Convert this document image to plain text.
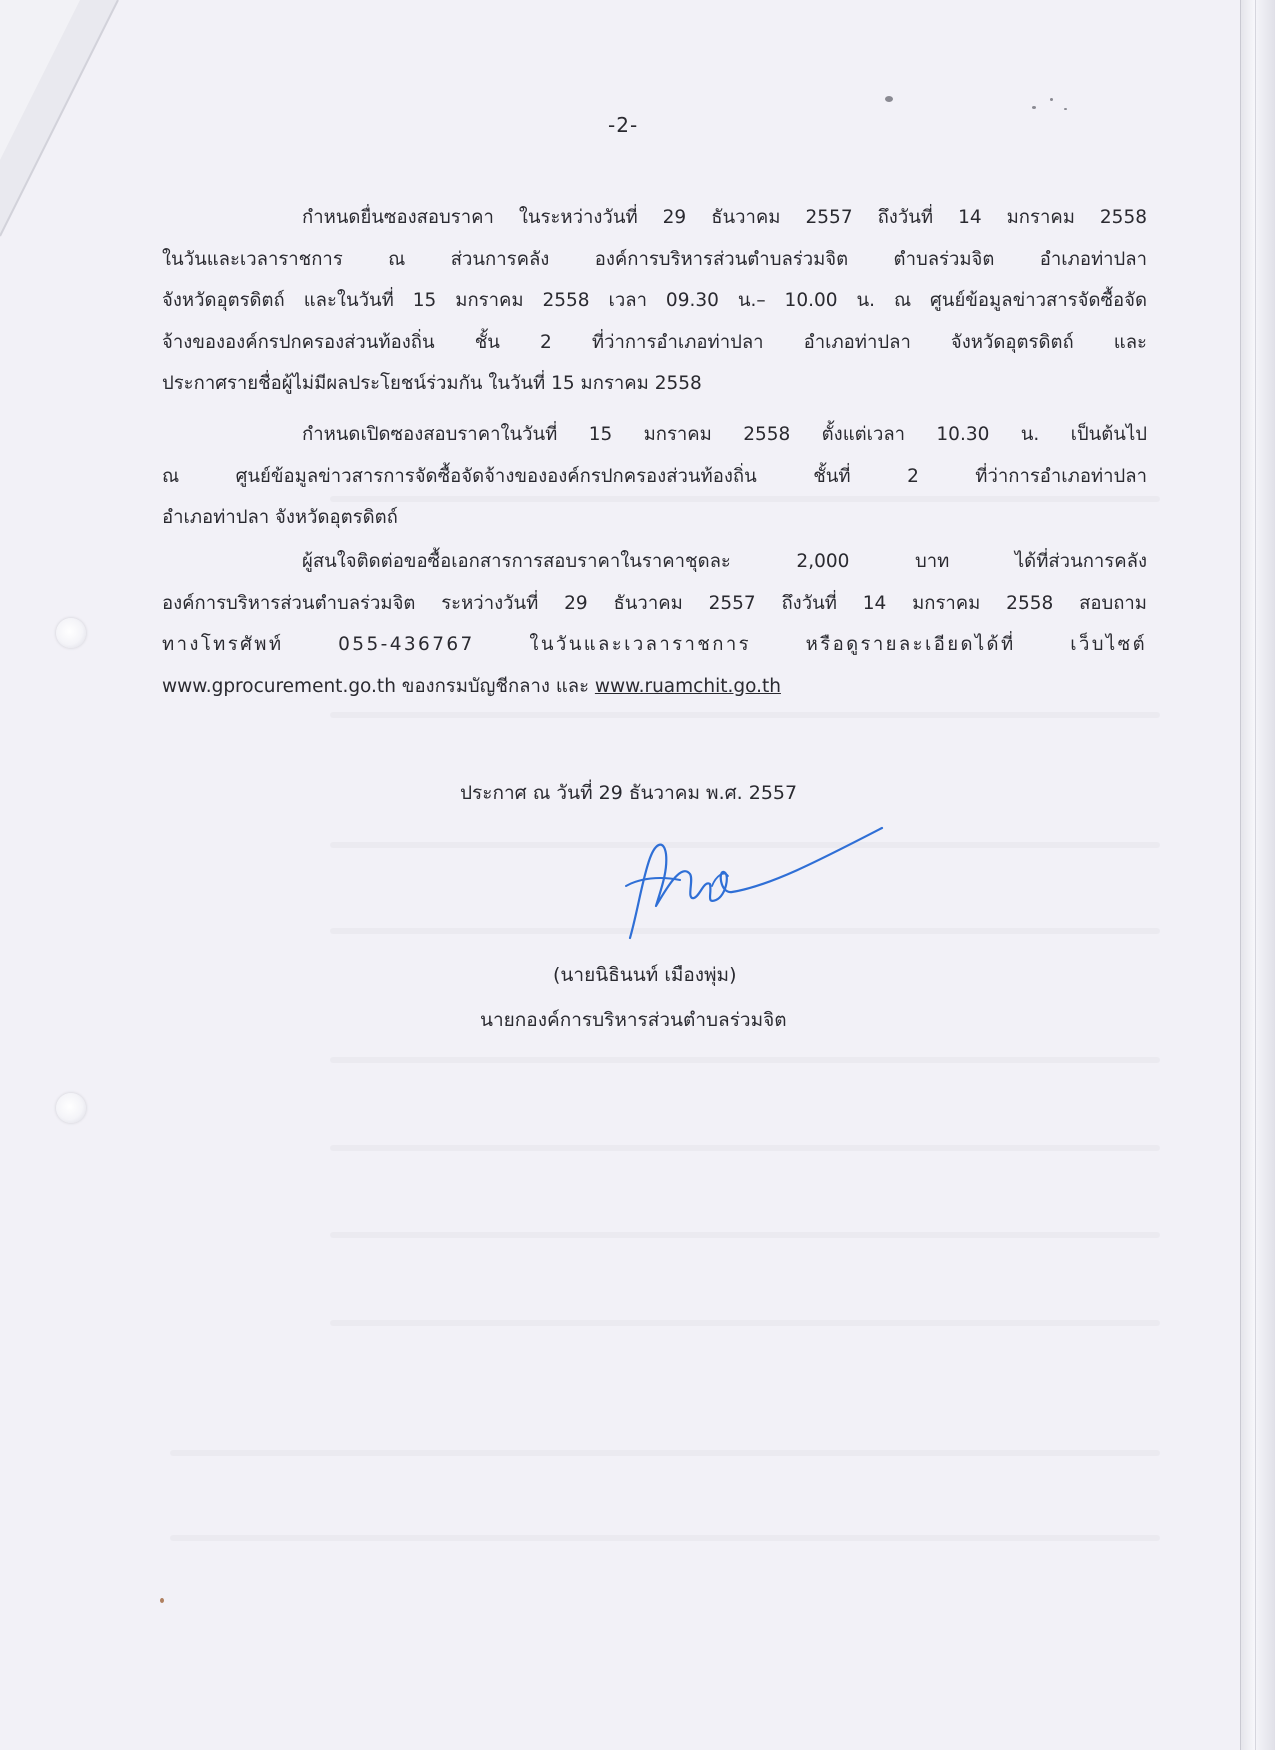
-2-
กำหนดยื่นซองสอบราคา ในระหว่างวันที่ 29 ธันวาคม 2557 ถึงวันที่ 14 มกราคม 2558
ในวันและเวลาราชการ ณ ส่วนการคลัง องค์การบริหารส่วนตำบลร่วมจิต ตำบลร่วมจิต อำเภอท่าปลา
จังหวัดอุตรดิตถ์ และในวันที่ 15 มกราคม 2558 เวลา 09.30 น.– 10.00 น. ณ ศูนย์ข้อมูลข่าวสารจัดซื้อจัด
จ้างขององค์กรปกครองส่วนท้องถิ่น ชั้น 2 ที่ว่าการอำเภอท่าปลา อำเภอท่าปลา จังหวัดอุตรดิตถ์ และ
ประกาศรายชื่อผู้ไม่มีผลประโยชน์ร่วมกัน ในวันที่ 15 มกราคม 2558
กำหนดเปิดซองสอบราคาในวันที่ 15 มกราคม 2558 ตั้งแต่เวลา 10.30 น. เป็นต้นไป
ณ ศูนย์ข้อมูลข่าวสารการจัดซื้อจัดจ้างขององค์กรปกครองส่วนท้องถิ่น ชั้นที่ 2 ที่ว่าการอำเภอท่าปลา
อำเภอท่าปลา จังหวัดอุตรดิตถ์
ผู้สนใจติดต่อขอซื้อเอกสารการสอบราคาในราคาชุดละ 2,000 บาท ได้ที่ส่วนการคลัง
องค์การบริหารส่วนตำบลร่วมจิต ระหว่างวันที่ 29 ธันวาคม 2557 ถึงวันที่ 14 มกราคม 2558 สอบถาม
ทางโทรศัพท์ 055-436767 ในวันและเวลาราชการ หรือดูรายละเอียดได้ที่ เว็บไซต์
www.gprocurement.go.th ของกรมบัญชีกลาง และ www.ruamchit.go.th
ประกาศ ณ วันที่ 29 ธันวาคม พ.ศ. 2557
(นายนิธินนท์ เมืองพุ่ม)
นายกองค์การบริหารส่วนตำบลร่วมจิต
